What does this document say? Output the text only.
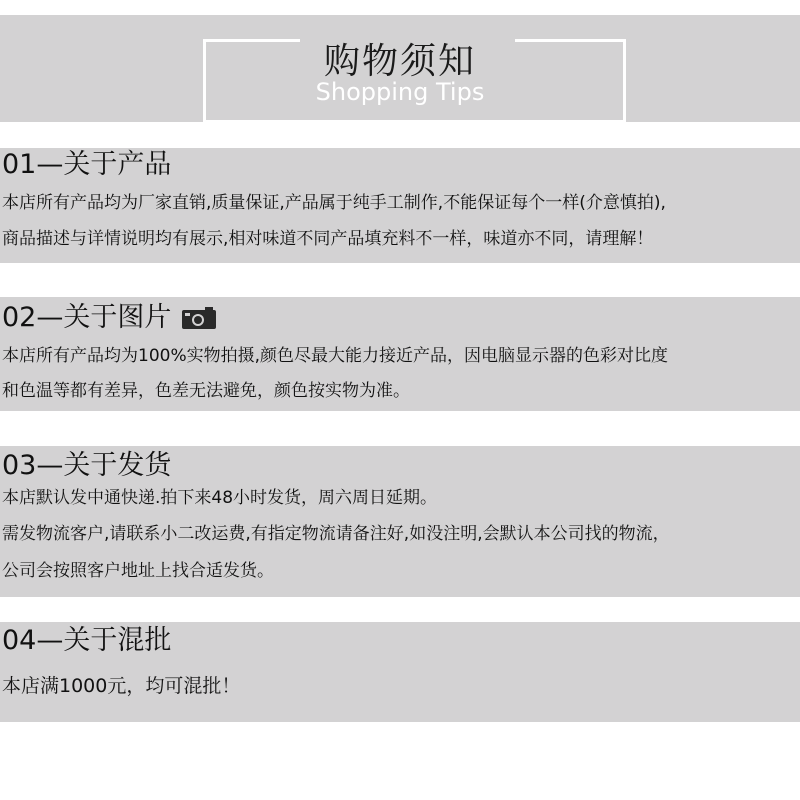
购物须知
Shopping Tips
01—关于产品
本店所有产品均为厂家直销,质量保证,产品属于纯手工制作,不能保证每个一样(介意慎拍),
商品描述与详情说明均有展示,相对味道不同产品填充料不一样，味道亦不同，请理解！
02—关于图片
本店所有产品均为100%实物拍摄,颜色尽最大能力接近产品，因电脑显示器的色彩对比度
和色温等都有差异，色差无法避免，颜色按实物为准。
03—关于发货
本店默认发中通快递.拍下来48小时发货，周六周日延期。
需发物流客户,请联系小二改运费,有指定物流请备注好,如没注明,会默认本公司找的物流，
公司会按照客户地址上找合适发货。
04—关于混批
本店满1000元，均可混批！
